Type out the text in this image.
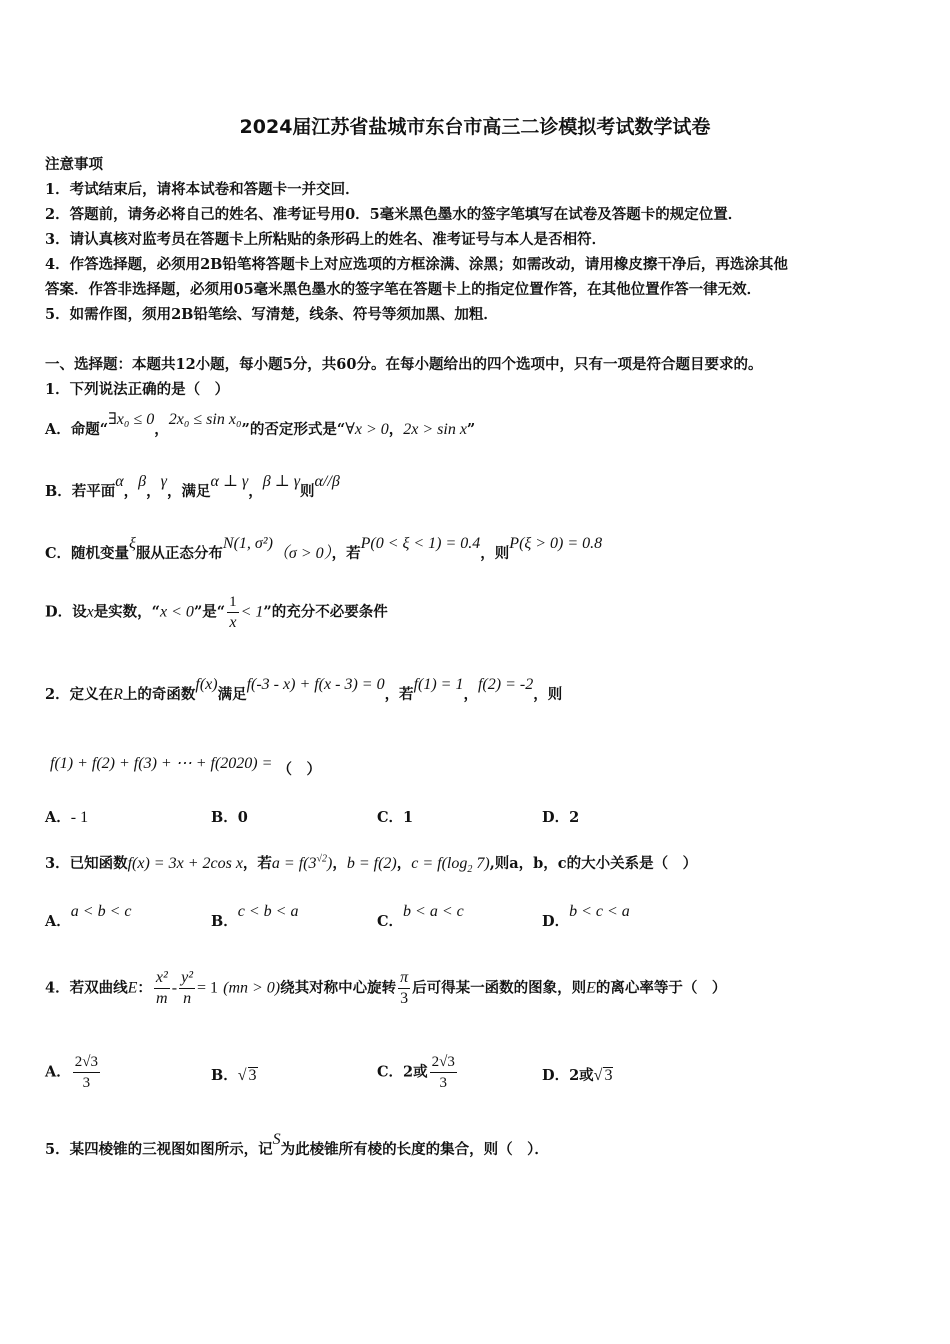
2024届江苏省盐城市东台市高三二诊模拟考试数学试卷
注意事项
1．考试结束后，请将本试卷和答题卡一并交回．
2．答题前，请务必将自己的姓名、准考证号用0．5毫米黑色墨水的签字笔填写在试卷及答题卡的规定位置．
3．请认真核对监考员在答题卡上所粘贴的条形码上的姓名、准考证号与本人是否相符．
4．作答选择题，必须用2B铅笔将答题卡上对应选项的方框涂满、涂黑；如需改动，请用橡皮擦干净后，再选涂其他
答案．作答非选择题，必须用05毫米黑色墨水的签字笔在答题卡上的指定位置作答，在其他位置作答一律无效．
5．如需作图，须用2B铅笔绘、写清楚，线条、符号等须加黑、加粗．
一、选择题：本题共12小题，每小题5分，共60分。在每小题给出的四个选项中，只有一项是符合题目要求的。
1．下列说法正确的是（　）
A．命题“∃x₀ ≤ 0，2x₀ ≤ sin x₀”的否定形式是“∀x > 0，2x > sin x”
B．若平面α，β，γ，满足α ⊥ γ，β ⊥ γ则α//β
C．随机变量ξ服从正态分布N(1, σ²)（σ > 0），若P(0 < ξ < 1) = 0.4，则P(ξ > 0) = 0.8
D．设x是实数，“x < 0”是“ $\frac{1}{x} < 1$”的充分不必要条件
2．定义在R上的奇函数f(x)满足f(-3 - x) + f(x - 3) = 0，若f(1) = 1，f(2) = -2，则
f(1) + f(2) + f(3) + ⋯ + f(2020) = （　）
A．- 1	B．0	C．1	D．2
3．已知函数f(x) = 3x + 2cos x，若$a = f(3^{√2})$，b = f(2)，$c = f(\log_2$ 7),则a，b，c的大小关系是（　）
A．a < b < c
B．c < b < a
C．b < a < c
D．b < c < a
4．若双曲线E： $\frac{\text{x²}}{m} - \frac{\text{y²}}{n} = 1$ (mn > 0)绕其对称中心旋转 $\frac{\pi}{3}$ 后可得某一函数的图象，则E的离心率等于（　）
A． $\frac{2√3}{3}$	B．√ 3	C．2或 $\frac{2√3}{3}$	D．2或√ 3
5．某四棱锥的三视图如图所示，记S为此棱锥所有棱的长度的集合，则（　）．
